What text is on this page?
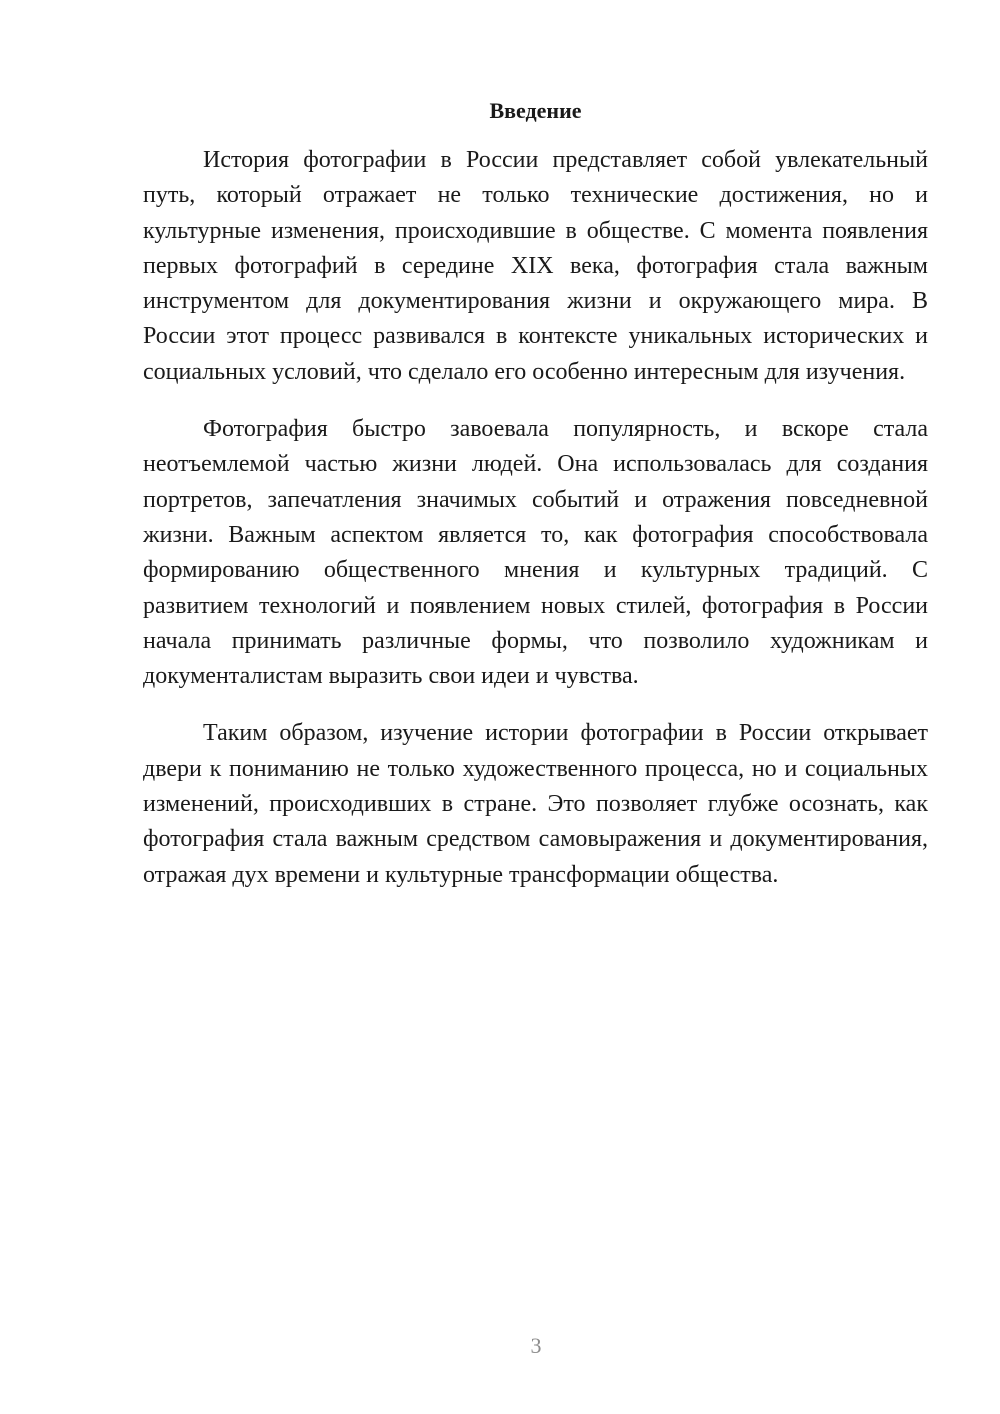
Введение

История фотографии в России представляет собой увлекательный путь, который отражает не только технические достижения, но и культурные изменения, происходившие в обществе. С момента появления первых фотографий в середине XIX века, фотография стала важным инструментом для документирования жизни и окружающего мира. В России этот процесс развивался в контексте уникальных исторических и социальных условий, что сделало его особенно интересным для изучения.

Фотография быстро завоевала популярность, и вскоре стала неотъемлемой частью жизни людей. Она использовалась для создания портретов, запечатления значимых событий и отражения повседневной жизни. Важным аспектом является то, как фотография способствовала формированию общественного мнения и культурных традиций. С развитием технологий и появлением новых стилей, фотография в России начала принимать различные формы, что позволило художникам и документалистам выразить свои идеи и чувства.

Таким образом, изучение истории фотографии в России открывает двери к пониманию не только художественного процесса, но и социальных изменений, происходивших в стране. Это позволяет глубже осознать, как фотография стала важным средством самовыражения и документирования, отражая дух времени и культурные трансформации общества.

3
